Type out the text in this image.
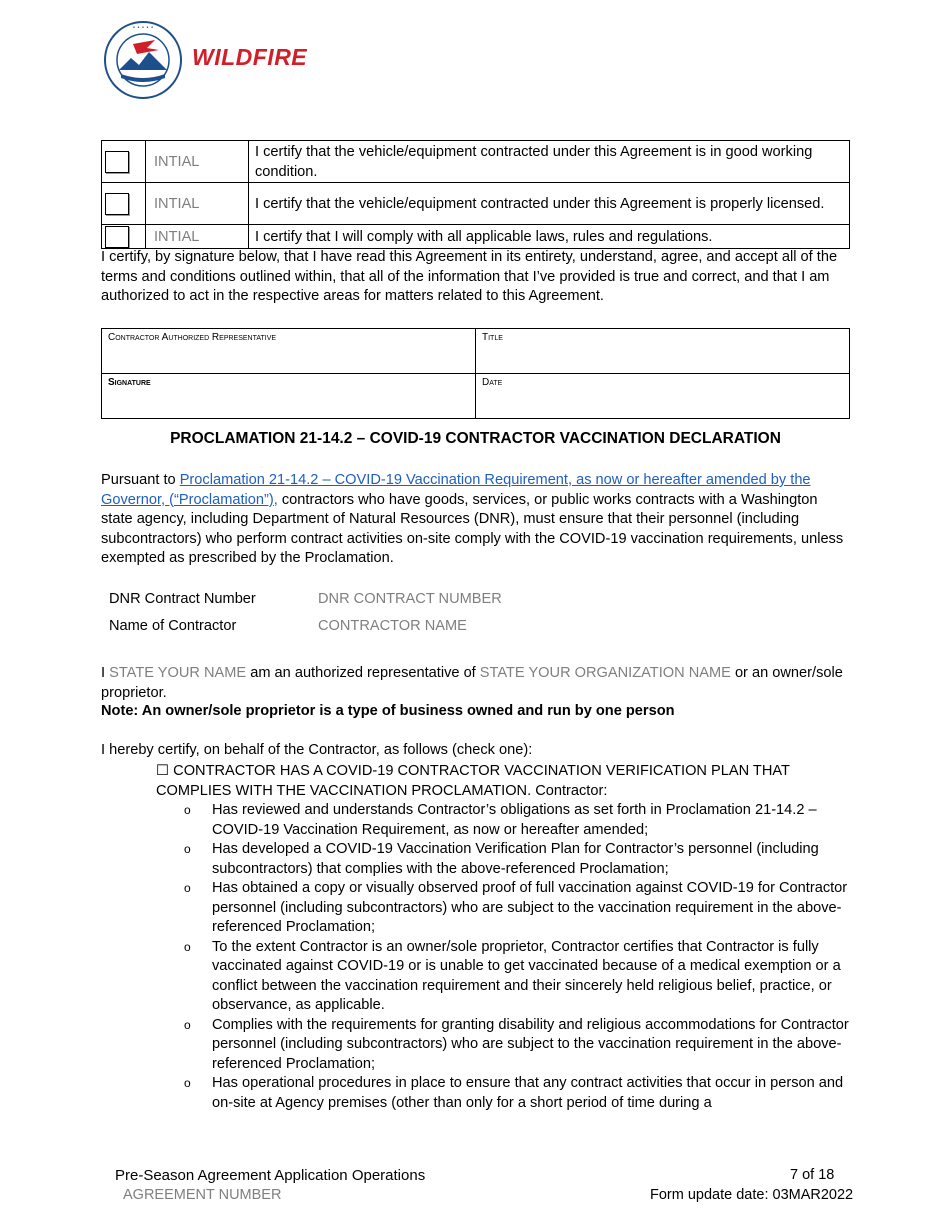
• • • • •
WILDFIRE
	INTIAL	I certify that the vehicle/equipment contracted under this Agreement is in good working condition.

	INTIAL	I certify that the vehicle/equipment contracted under this Agreement is properly licensed.

	INTIAL	I certify that I will comply with all applicable laws, rules and regulations.
I certify, by signature below, that I have read this Agreement in its entirety, understand, agree, and accept all of the terms and conditions outlined within, that all of the information that I’ve provided is true and correct, and that I am authorized to act in the respective areas for matters related to this Agreement.
Contractor Authorized Representative	Title
Signature	Date
PROCLAMATION 21-14.2 – COVID-19 CONTRACTOR VACCINATION DECLARATION
Pursuant to Proclamation 21-14.2 – COVID-19 Vaccination Requirement, as now or hereafter amended by the Governor, (“Proclamation”), contractors who have goods, services, or public works contracts with a Washington state agency, including Department of Natural Resources (DNR), must ensure that their personnel (including subcontractors) who perform contract activities on-site comply with the COVID-19 vaccination requirements, unless exempted as prescribed by the Proclamation.
DNR Contract Number	DNR CONTRACT NUMBER
Name of Contractor	CONTRACTOR NAME
I STATE YOUR NAME am an authorized representative of STATE YOUR ORGANIZATION NAME or an owner/sole proprietor.
Note: An owner/sole proprietor is a type of business owned and run by one person
I hereby certify, on behalf of the Contractor, as follows (check one):
☐ CONTRACTOR HAS A COVID-19 CONTRACTOR VACCINATION VERIFICATION PLAN THAT COMPLIES WITH THE VACCINATION PROCLAMATION. Contractor:
o Has reviewed and understands Contractor’s obligations as set forth in Proclamation 21-14.2 – COVID-19 Vaccination Requirement, as now or hereafter amended;
o Has developed a COVID-19 Vaccination Verification Plan for Contractor’s personnel (including subcontractors) that complies with the above-referenced Proclamation;
o Has obtained a copy or visually observed proof of full vaccination against COVID-19 for Contractor personnel (including subcontractors) who are subject to the vaccination requirement in the above-referenced Proclamation;
o To the extent Contractor is an owner/sole proprietor, Contractor certifies that Contractor is fully vaccinated against COVID-19 or is unable to get vaccinated because of a medical exemption or a conflict between the vaccination requirement and their sincerely held religious belief, practice, or observance, as applicable.
o Complies with the requirements for granting disability and religious accommodations for Contractor personnel (including subcontractors) who are subject to the vaccination requirement in the above-referenced Proclamation;
o Has operational procedures in place to ensure that any contract activities that occur in person and on-site at Agency premises (other than only for a short period of time during a
Pre-Season Agreement Application Operations
AGREEMENT NUMBER
7 of 18
Form update date: 03MAR2022
